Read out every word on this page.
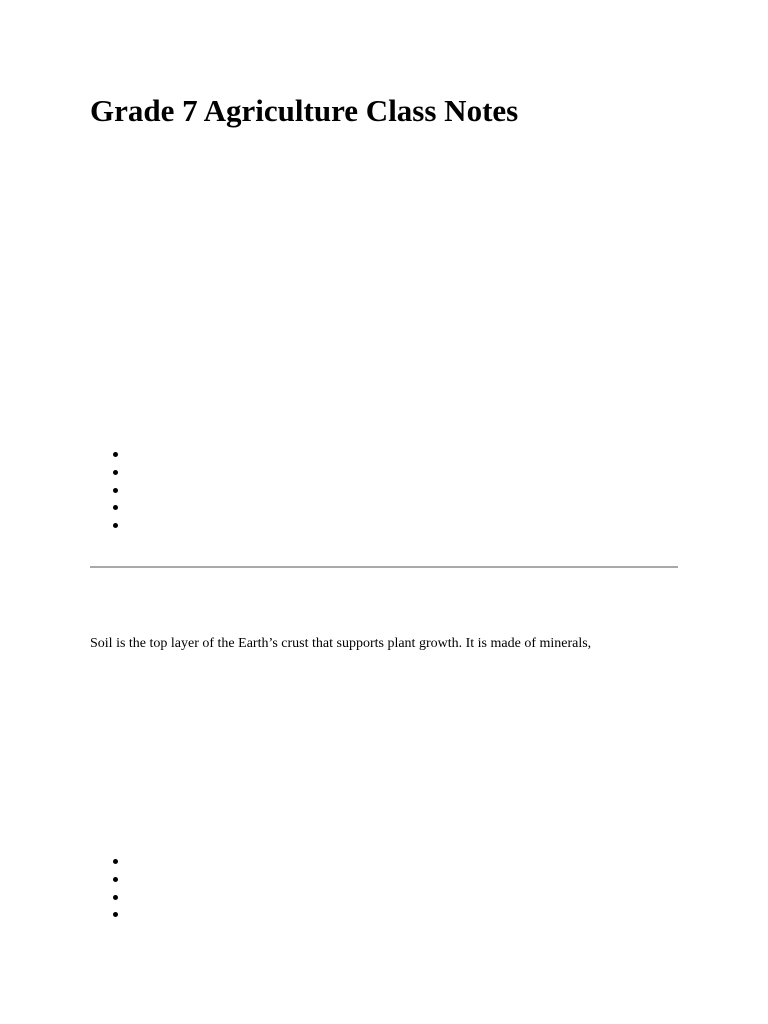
Grade 7 Agriculture Class Notes

Soil is the top layer of the Earth’s crust that supports plant growth. It is made of minerals,
